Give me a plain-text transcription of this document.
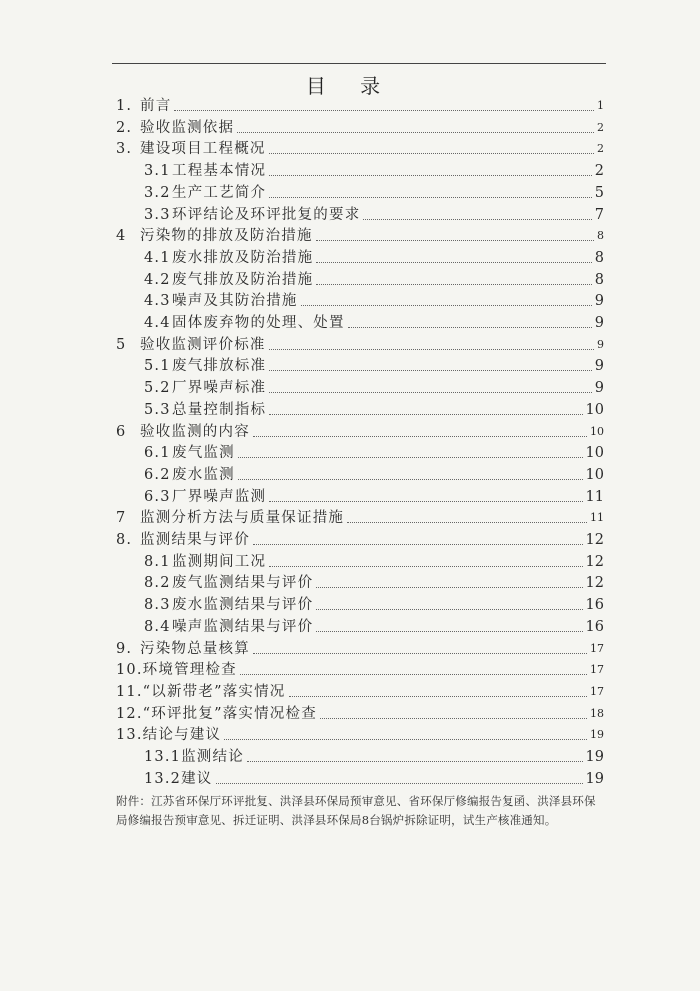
目 录
1. 前言	1
2. 验收监测依据	2
3. 建设项目工程概况	2
3.1 工程基本情况	2
3.2 生产工艺简介	5
3.3 环评结论及环评批复的要求	7
4 污染物的排放及防治措施	8
4.1 废水排放及防治措施	8
4.2 废气排放及防治措施	8
4.3 噪声及其防治措施	9
4.4 固体废弃物的处理、处置	9
5 验收监测评价标准	9
5.1 废气排放标准	9
5.2 厂界噪声标准	9
5.3 总量控制指标	10
6 验收监测的内容	10
6.1 废气监测	10
6.2 废水监测	10
6.3 厂界噪声监测	11
7 监测分析方法与质量保证措施	11
8. 监测结果与评价	12
8.1 监测期间工况	12
8.2 废气监测结果与评价	12
8.3 废水监测结果与评价	16
8.4 噪声监测结果与评价	16
9. 污染物总量核算	17
10. 环境管理检查	17
11. “以新带老”落实情况	17
12. “环评批复”落实情况检查	18
13. 结论与建议	19
13.1 监测结论	19
13.2 建议	19
附件：江苏省环保厅环评批复、洪泽县环保局预审意见、省环保厅修编报告复函、洪泽县环保局修编报告预审意见、拆迁证明、洪泽县环保局8台锅炉拆除证明，试生产核准通知。
